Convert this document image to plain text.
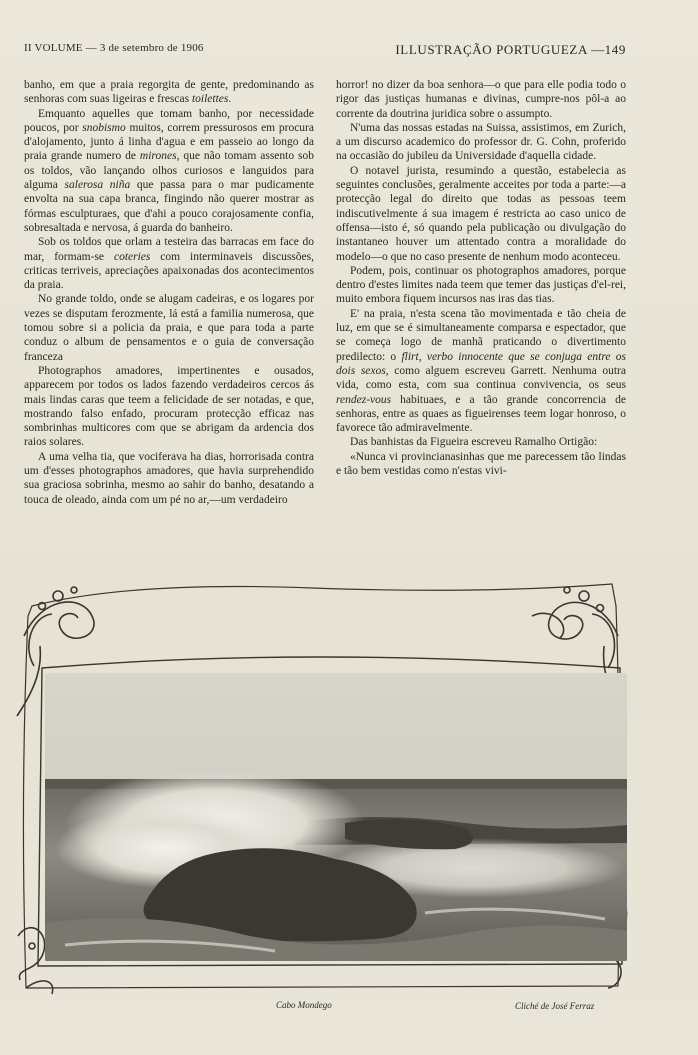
II VOLUME — 3 de setembro de 1906	ILLUSTRAÇÃO PORTUGUEZA —149

banho, em que a praia regorgita de gente, predominando as senhoras com suas ligeiras e frescas toilettes.

Emquanto aquelles que tomam banho, por necessidade poucos, por snobismo muitos, correm pressurosos em procura d'alojamento, junto á linha d'agua e em passeio ao longo da praia grande numero de mirones, que não tomam assento sob os toldos, vão lançando olhos curiosos e languidos para alguma salerosa niña que passa para o mar pudicamente envolta na sua capa branca, fingindo não querer mostrar as fórmas esculpturaes, que d'ahi a pouco corajosamente confia, sobresaltada e nervosa, á guarda do banheiro.

Sob os toldos que orlam a testeira das barracas em face do mar, formam-se coteries com interminaveis discussões, criticas terriveis, apreciações apaixonadas dos acontecimentos da praia.

No grande toldo, onde se alugam cadeiras, e os logares por vezes se disputam ferozmente, lá está a familia numerosa, que tomou sobre si a policia da praia, e que para toda a parte conduz o album de pensamentos e o guia de conversação franceza

Photographos amadores, impertinentes e ousados, apparecem por todos os lados fazendo verdadeiros cercos ás mais lindas caras que teem a felicidade de ser notadas, e que, mostrando falso enfado, procuram protecção efficaz nas sombrinhas multicores com que se abrigam da ardencia dos raios solares.

A uma velha tia, que vociferava ha dias, horrorisada contra um d'esses photographos amadores, que havia surprehendido sua graciosa sobrinha, mesmo ao sahir do banho, desatando a touca de oleado, ainda com um pé no ar,—um verdadeiro

horror! no dizer da boa senhora—o que para elle podia todo o rigor das justiças humanas e divinas, cumpre-nos pôl-a ao corrente da doutrina juridica sobre o assumpto.

N'uma das nossas estadas na Suissa, assistimos, em Zurich, a um discurso academico do professor dr. G. Cohn, proferido na occasião do jubileu da Universidade d'aquella cidade.

O notavel jurista, resumindo a questão, estabelecia as seguintes conclusões, geralmente acceites por toda a parte:—a protecção legal do direito que todas as pessoas teem indiscutivelmente á sua imagem é restricta ao caso unico de offensa—isto é, só quando pela publicação ou divulgação do instantaneo houver um attentado contra a moralidade do modelo—o que no caso presente de nenhum modo aconteceu.

Podem, pois, continuar os photographos amadores, porque dentro d'estes limites nada teem que temer das justiças d'el-rei, muito embora fiquem incursos nas iras das tias.

E' na praia, n'esta scena tão movimentada e tão cheia de luz, em que se é simultaneamente comparsa e espectador, que se começa logo de manhã praticando o divertimento predilecto: o flirt, verbo innocente que se conjuga entre os dois sexos, como alguem escreveu Garrett. Nenhuma outra vida, como esta, com sua continua convivencia, os seus rendez-vous habituaes, e a tão grande concorrencia de senhoras, entre as quaes as figueirenses teem logar honroso, o favorece tão admiravelmente.

Das banhistas da Figueira escreveu Ramalho Ortigão:

«Nunca vi provincianasinhas que me parecessem tão lindas e tão bem vestidas como n'estas vivi-

Cabo Mondego	Cliché de José Ferraz
